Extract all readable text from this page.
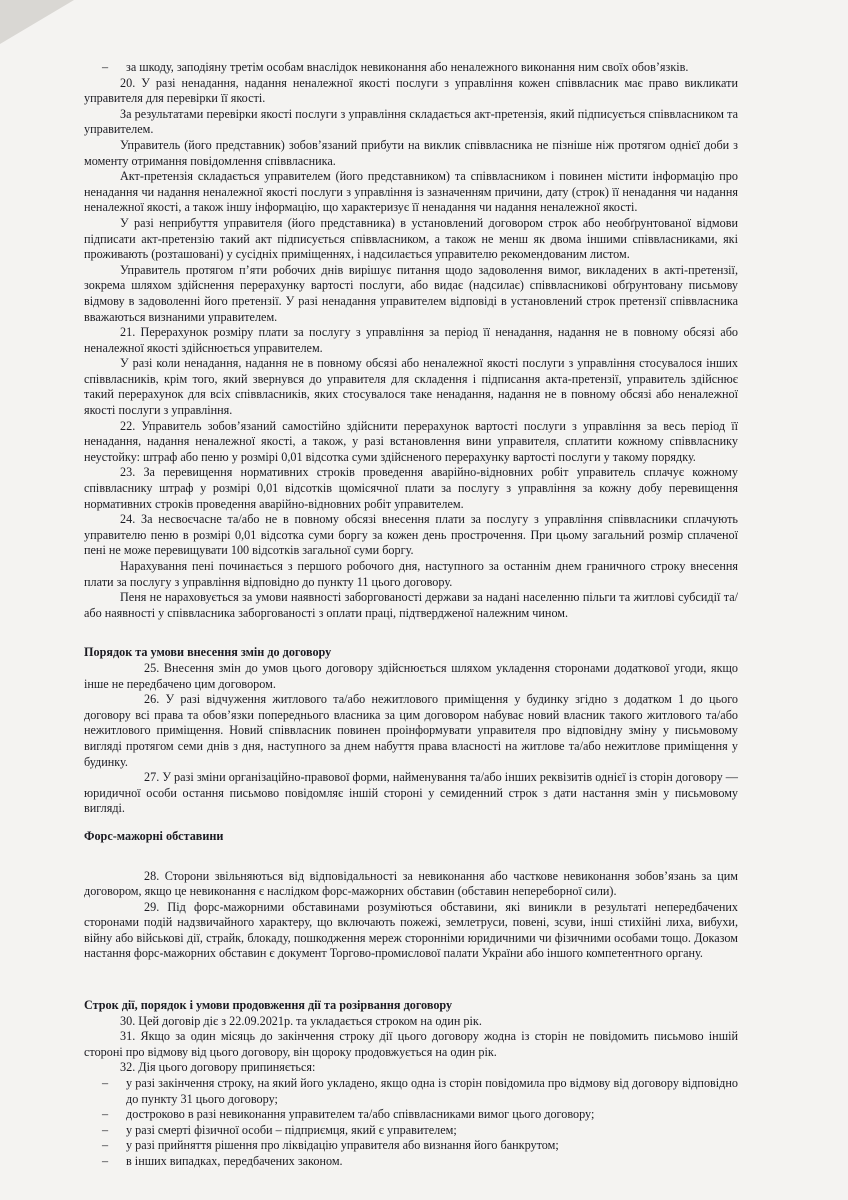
–	за шкоду, заподіяну третім особам внаслідок невиконання або неналежного виконання ним своїх обов’язків.

20. У разі ненадання, надання неналежної якості послуги з управління кожен співвласник має право викликати управителя для перевірки її якості.

За результатами перевірки якості послуги з управління складається акт-претензія, який підписується співвласником та управителем.

Управитель (його представник) зобов’язаний прибути на виклик співвласника не пізніше ніж протягом однієї доби з моменту отримання повідомлення співвласника.

Акт-претензія складається управителем (його представником) та співвласником і повинен містити інформацію про ненадання чи надання неналежної якості послуги з управління із зазначенням причини, дату (строк) її ненадання чи надання неналежної якості, а також іншу інформацію, що характеризує її ненадання чи надання неналежної якості.

У разі неприбуття управителя (його представника) в установлений договором строк або необґрунтованої відмови підписати акт-претензію такий акт підписується співвласником, а також не менш як двома іншими співвласниками, які проживають (розташовані) у сусідніх приміщеннях, і надсилається управителю рекомендованим листом.

Управитель протягом п’яти робочих днів вирішує питання щодо задоволення вимог, викладених в акті-претензії, зокрема шляхом здійснення перерахунку вартості послуги, або видає (надсилає) співвласникові обґрунтовану письмову відмову в задоволенні його претензії. У разі ненадання управителем відповіді в установлений строк претензії співвласника вважаються визнаними управителем.

21. Перерахунок розміру плати за послугу з управління за період її ненадання, надання не в повному обсязі або неналежної якості здійснюється управителем.

У разі коли ненадання, надання не в повному обсязі або неналежної якості послуги з управління стосувалося інших співвласників, крім того, який звернувся до управителя для складення і підписання акта-претензії, управитель здійснює такий перерахунок для всіх співвласників, яких стосувалося таке ненадання, надання не в повному обсязі або неналежної якості послуги з управління.

22. Управитель зобов’язаний самостійно здійснити перерахунок вартості послуги з управління за весь період її ненадання, надання неналежної якості, а також, у разі встановлення вини управителя, сплатити кожному співвласнику неустойку: штраф або пеню у розмірі 0,01 відсотка суми здійсненого перерахунку вартості послуги у такому порядку.

23. За перевищення нормативних строків проведення аварійно-відновних робіт управитель сплачує кожному співвласнику штраф у розмірі 0,01 відсотків щомісячної плати за послугу з управління за кожну добу перевищення нормативних строків проведення аварійно-відновних робіт управителем.

24. За несвоєчасне та/або не в повному обсязі внесення плати за послугу з управління співвласники сплачують управителю пеню в розмірі 0,01 відсотка суми боргу за кожен день прострочення. При цьому загальний розмір сплаченої пені не може перевищувати 100 відсотків загальної суми боргу.

Нарахування пені починається з першого робочого дня, наступного за останнім днем граничного строку внесення плати за послугу з управління відповідно до пункту 11 цього договору.

Пеня не нараховується за умови наявності заборгованості держави за надані населенню пільги та житлові субсидії та/або наявності у співвласника заборгованості з оплати праці, підтвердженої належним чином.

Порядок та умови внесення змін до договору

25. Внесення змін до умов цього договору здійснюється шляхом укладення сторонами додаткової угоди, якщо інше не передбачено цим договором.

26. У разі відчуження житлового та/або нежитлового приміщення у будинку згідно з додатком 1 до цього договору всі права та обов’язки попереднього власника за цим договором набуває новий власник такого житлового та/або нежитлового приміщення. Новий співвласник повинен проінформувати управителя про відповідну зміну у письмовому вигляді протягом семи днів з дня, наступного за днем набуття права власності на житлове та/або нежитлове приміщення у будинку.

27. У разі зміни організаційно-правової форми, найменування та/або інших реквізитів однієї із сторін договору — юридичної особи остання письмово повідомляє іншій стороні у семиденний строк з дати настання змін у письмовому вигляді.

Форс-мажорні обставини

28. Сторони звільняються від відповідальності за невиконання або часткове невиконання зобов’язань за цим договором, якщо це невиконання є наслідком форс-мажорних обставин (обставин непереборної сили).

29. Під форс-мажорними обставинами розуміються обставини, які виникли в результаті непередбачених сторонами подій надзвичайного характеру, що включають пожежі, землетруси, повені, зсуви, інші стихійні лиха, вибухи, війну або військові дії, страйк, блокаду, пошкодження мереж сторонніми юридичними чи фізичними особами тощо. Доказом настання форс-мажорних обставин є документ Торгово-промислової палати України або іншого компетентного органу.

Строк дії, порядок і умови продовження дії та розірвання договору

30. Цей договір діє з 22.09.2021р. та укладається строком на один рік.

31. Якщо за один місяць до закінчення строку дії цього договору жодна із сторін не повідомить письмово іншій стороні про відмову від цього договору, він щороку продовжується на один рік.

32. Дія цього договору припиняється:

–	у разі закінчення строку, на який його укладено, якщо одна із сторін повідомила про відмову від договору відповідно до пункту 31 цього договору;
–	достроково в разі невиконання управителем та/або співвласниками вимог цього договору;
–	у разі смерті фізичної особи – підприємця, який є управителем;
–	у разі прийняття рішення про ліквідацію управителя або визнання його банкрутом;
–	в інших випадках, передбачених законом.
